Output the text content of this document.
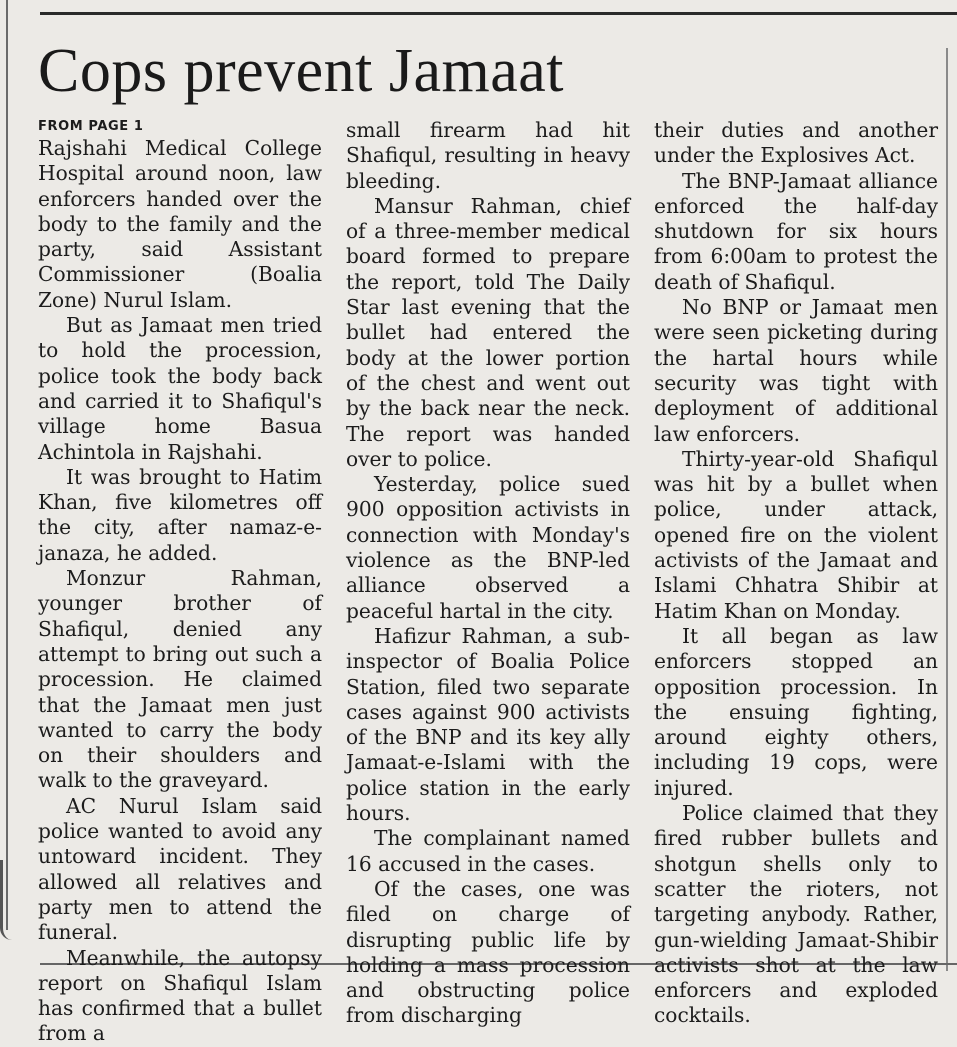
Cops prevent Jamaat
FROM PAGE 1

Rajshahi Medical College Hospital around noon, law enforcers handed over the body to the family and the party, said Assistant Commissioner (Boalia Zone) Nurul Islam.

But as Jamaat men tried to hold the procession, police took the body back and carried it to Shafiqul's village home Basua Achintola in Rajshahi.

It was brought to Hatim Khan, five kilometres off the city, after namaz-e-janaza, he added.

Monzur Rahman, younger brother of Shafiqul, denied any attempt to bring out such a procession. He claimed that the Jamaat men just wanted to carry the body on their shoulders and walk to the graveyard.

AC Nurul Islam said police wanted to avoid any untoward incident. They allowed all relatives and party men to attend the funeral.

Meanwhile, the autopsy report on Shafiqul Islam has confirmed that a bullet from a

small firearm had hit Shafiqul, resulting in heavy bleeding.

Mansur Rahman, chief of a three-member medical board formed to prepare the report, told The Daily Star last evening that the bullet had entered the body at the lower portion of the chest and went out by the back near the neck. The report was handed over to police.

Yesterday, police sued 900 opposition activists in connection with Monday's violence as the BNP-led alliance observed a peaceful hartal in the city.

Hafizur Rahman, a sub-inspector of Boalia Police Station, filed two separate cases against 900 activists of the BNP and its key ally Jamaat-e-Islami with the police station in the early hours.

The complainant named 16 accused in the cases.

Of the cases, one was filed on charge of disrupting public life by holding a mass procession and obstructing police from discharging

their duties and another under the Explosives Act.

The BNP-Jamaat alliance enforced the half-day shutdown for six hours from 6:00am to protest the death of Shafiqul.

No BNP or Jamaat men were seen picketing during the hartal hours while security was tight with deployment of additional law enforcers.

Thirty-year-old Shafiqul was hit by a bullet when police, under attack, opened fire on the violent activists of the Jamaat and Islami Chhatra Shibir at Hatim Khan on Monday.

It all began as law enforcers stopped an opposition procession. In the ensuing fighting, around eighty others, including 19 cops, were injured.

Police claimed that they fired rubber bullets and shotgun shells only to scatter the rioters, not targeting anybody. Rather, gun-wielding Jamaat-Shibir activists shot at the law enforcers and exploded cocktails.
